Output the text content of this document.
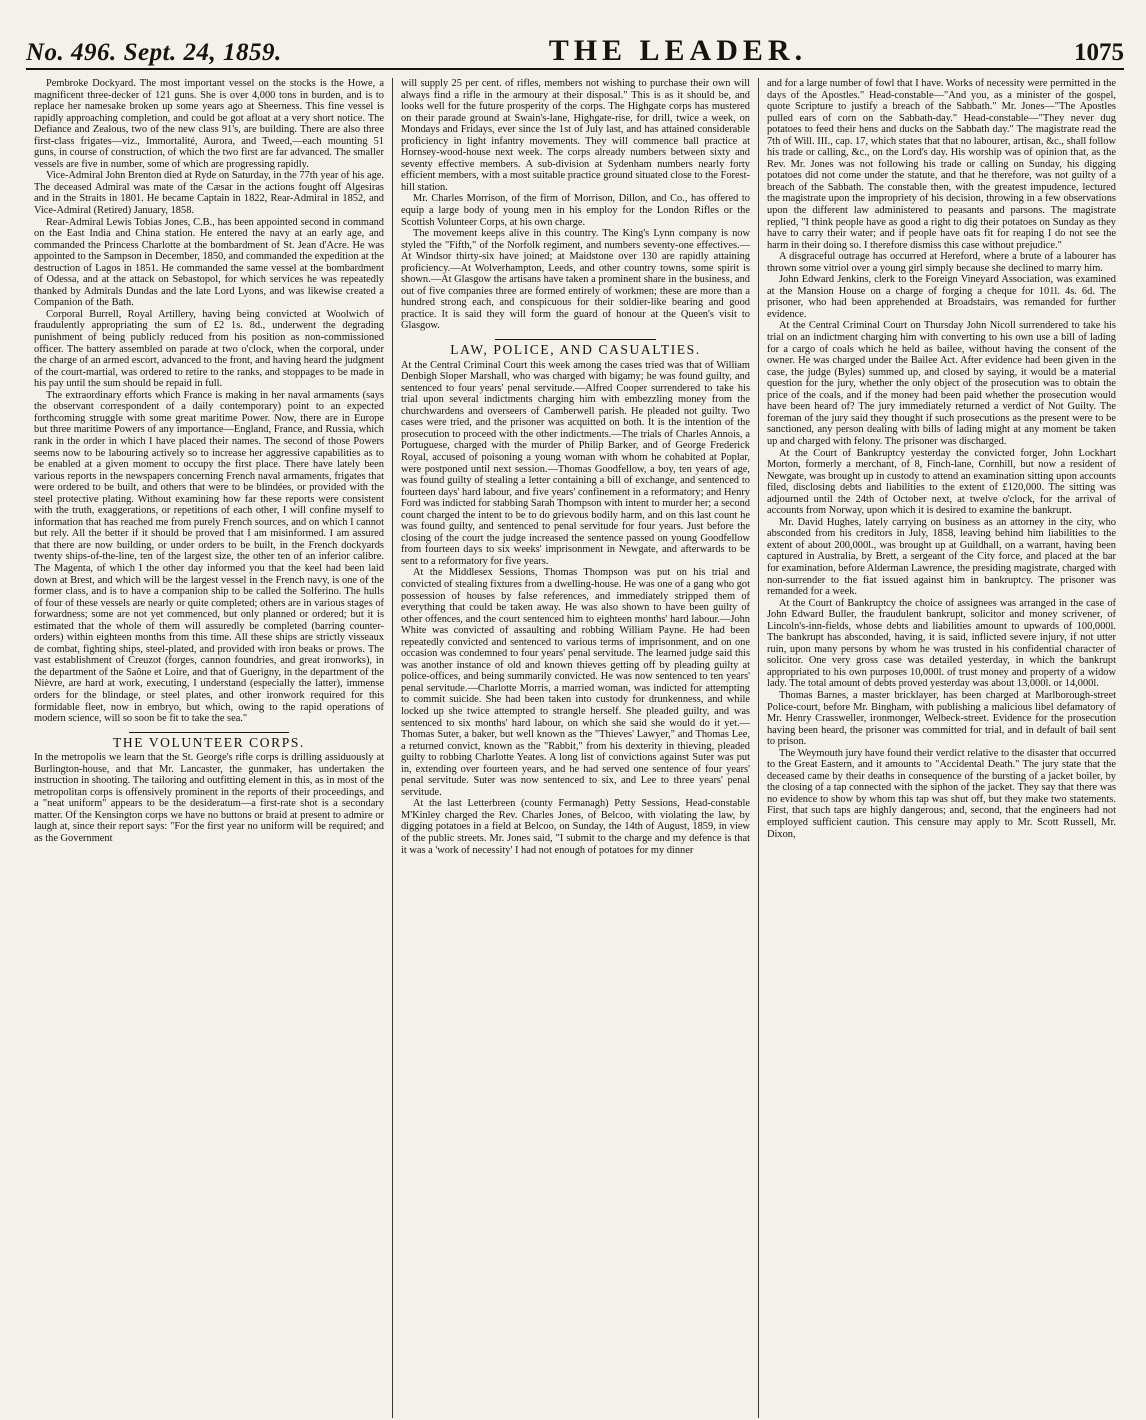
No. 496. Sept. 24, 1859.	THE LEADER.	1075

Pembroke Dockyard. The most important vessel on the stocks is the Howe, a magnificent three-decker of 121 guns. She is over 4,000 tons in burden, and is to replace her namesake broken up some years ago at Sheerness. This fine vessel is rapidly approaching completion, and could be got afloat at a very short notice. The Defiance and Zealous, two of the new class 91's, are building. There are also three first-class frigates—viz., Immortalité, Aurora, and Tweed,—each mounting 51 guns, in course of construction, of which the two first are far advanced. The smaller vessels are five in number, some of which are progressing rapidly.

Vice-Admiral John Brenton died at Ryde on Saturday, in the 77th year of his age. The deceased Admiral was mate of the Cæsar in the actions fought off Algesiras and in the Straits in 1801. He became Captain in 1822, Rear-Admiral in 1852, and Vice-Admiral (Retired) January, 1858.

Rear-Admiral Lewis Tobias Jones, C.B., has been appointed second in command on the East India and China station. He entered the navy at an early age, and commanded the Princess Charlotte at the bombardment of St. Jean d'Acre. He was appointed to the Sampson in December, 1850, and commanded the expedition at the destruction of Lagos in 1851. He commanded the same vessel at the bombardment of Odessa, and at the attack on Sebastopol, for which services he was repeatedly thanked by Admirals Dundas and the late Lord Lyons, and was likewise created a Companion of the Bath.

Corporal Burrell, Royal Artillery, having being convicted at Woolwich of fraudulently appropriating the sum of £2 1s. 8d., underwent the degrading punishment of being publicly reduced from his position as non-commissioned officer. The battery assembled on parade at two o'clock, when the corporal, under the charge of an armed escort, advanced to the front, and having heard the judgment of the court-martial, was ordered to retire to the ranks, and stoppages to be made in his pay until the sum should be repaid in full.

The extraordinary efforts which France is making in her naval armaments (says the observant correspondent of a daily contemporary) point to an expected forthcoming struggle with some great maritime Power. Now, there are in Europe but three maritime Powers of any importance—England, France, and Russia, which rank in the order in which I have placed their names. The second of those Powers seems now to be labouring actively so to increase her aggressive capabilities as to be enabled at a given moment to occupy the first place. There have lately been various reports in the newspapers concerning French naval armaments, frigates that were ordered to be built, and others that were to be blindées, or provided with the steel protective plating. Without examining how far these reports were consistent with the truth, exaggerations, or repetitions of each other, I will confine myself to information that has reached me from purely French sources, and on which I cannot but rely. All the better if it should be proved that I am misinformed. I am assured that there are now building, or under orders to be built, in the French dockyards twenty ships-of-the-line, ten of the largest size, the other ten of an inferior calibre. The Magenta, of which I the other day informed you that the keel had been laid down at Brest, and which will be the largest vessel in the French navy, is one of the former class, and is to have a companion ship to be called the Solferino. The hulls of four of these vessels are nearly or quite completed; others are in various stages of forwardness; some are not yet commenced, but only planned or ordered; but it is estimated that the whole of them will assuredly be completed (barring counter-orders) within eighteen months from this time. All these ships are strictly visseaux de combat, fighting ships, steel-plated, and provided with iron beaks or prows. The vast establishment of Creuzot (forges, cannon foundries, and great ironworks), in the department of the Saône et Loire, and that of Guerigny, in the department of the Nièvre, are hard at work, executing, I understand (especially the latter), immense orders for the blindage, or steel plates, and other ironwork required for this formidable fleet, now in embryo, but which, owing to the rapid operations of modern science, will so soon be fit to take the sea."

THE VOLUNTEER CORPS.

In the metropolis we learn that the St. George's rifle corps is drilling assiduously at Burlington-house, and that Mr. Lancaster, the gunmaker, has undertaken the instruction in shooting. The tailoring and outfitting element in this, as in most of the metropolitan corps is offensively prominent in the reports of their proceedings, and a "neat uniform" appears to be the desideratum—a first-rate shot is a secondary matter. Of the Kensington corps we have no buttons or braid at present to admire or laugh at, since their report says: "For the first year no uniform will be required; and as the Government

will supply 25 per cent. of rifles, members not wishing to purchase their own will always find a rifle in the armoury at their disposal." This is as it should be, and looks well for the future prosperity of the corps. The Highgate corps has mustered on their parade ground at Swain's-lane, Highgate-rise, for drill, twice a week, on Mondays and Fridays, ever since the 1st of July last, and has attained considerable proficiency in light infantry movements. They will commence ball practice at Hornsey-wood-house next week. The corps already numbers between sixty and seventy effective members. A sub-division at Sydenham numbers nearly forty efficient members, with a most suitable practice ground situated close to the Forest-hill station.

Mr. Charles Morrison, of the firm of Morrison, Dillon, and Co., has offered to equip a large body of young men in his employ for the London Rifles or the Scottish Volunteer Corps, at his own charge.

The movement keeps alive in this country. The King's Lynn company is now styled the "Fifth," of the Norfolk regiment, and numbers seventy-one effectives.—At Windsor thirty-six have joined; at Maidstone over 130 are rapidly attaining proficiency.—At Wolverhampton, Leeds, and other country towns, some spirit is shown.—At Glasgow the artisans have taken a prominent share in the business, and out of five companies three are formed entirely of workmen; these are more than a hundred strong each, and conspicuous for their soldier-like bearing and good practice. It is said they will form the guard of honour at the Queen's visit to Glasgow.

LAW, POLICE, AND CASUALTIES.

At the Central Criminal Court this week among the cases tried was that of William Denbigh Sloper Marshall, who was charged with bigamy; he was found guilty, and sentenced to four years' penal servitude.—Alfred Cooper surrendered to take his trial upon several indictments charging him with embezzling money from the churchwardens and overseers of Camberwell parish. He pleaded not guilty. Two cases were tried, and the prisoner was acquitted on both. It is the intention of the prosecution to proceed with the other indictments.—The trials of Charles Annois, a Portuguese, charged with the murder of Philip Barker, and of George Frederick Royal, accused of poisoning a young woman with whom he cohabited at Poplar, were postponed until next session.—Thomas Goodfellow, a boy, ten years of age, was found guilty of stealing a letter containing a bill of exchange, and sentenced to fourteen days' hard labour, and five years' confinement in a reformatory; and Henry Ford was indicted for stabbing Sarah Thompson with intent to murder her; a second count charged the intent to be to do grievous bodily harm, and on this last count he was found guilty, and sentenced to penal servitude for four years. Just before the closing of the court the judge increased the sentence passed on young Goodfellow from fourteen days to six weeks' imprisonment in Newgate, and afterwards to be sent to a reformatory for five years.

At the Middlesex Sessions, Thomas Thompson was put on his trial and convicted of stealing fixtures from a dwelling-house. He was one of a gang who got possession of houses by false references, and immediately stripped them of everything that could be taken away. He was also shown to have been guilty of other offences, and the court sentenced him to eighteen months' hard labour.—John White was convicted of assaulting and robbing William Payne. He had been repeatedly convicted and sentenced to various terms of imprisonment, and on one occasion was condemned to four years' penal servitude. The learned judge said this was another instance of old and known thieves getting off by pleading guilty at police-offices, and being summarily convicted. He was now sentenced to ten years' penal servitude.—Charlotte Morris, a married woman, was indicted for attempting to commit suicide. She had been taken into custody for drunkenness, and while locked up she twice attempted to strangle herself. She pleaded guilty, and was sentenced to six months' hard labour, on which she said she would do it yet.—Thomas Suter, a baker, but well known as the "Thieves' Lawyer," and Thomas Lee, a returned convict, known as the "Rabbit," from his dexterity in thieving, pleaded guilty to robbing Charlotte Yeates. A long list of convictions against Suter was put in, extending over fourteen years, and he had served one sentence of four years' penal servitude. Suter was now sentenced to six, and Lee to three years' penal servitude.

At the last Letterbreen (county Fermanagh) Petty Sessions, Head-constable M'Kinley charged the Rev. Charles Jones, of Belcoo, with violating the law, by digging potatoes in a field at Belcoo, on Sunday, the 14th of August, 1859, in view of the public streets. Mr. Jones said, "I submit to the charge and my defence is that it was a 'work of necessity' I had not enough of potatoes for my dinner

and for a large number of fowl that I have. Works of necessity were permitted in the days of the Apostles." Head-constable—"And you, as a minister of the gospel, quote Scripture to justify a breach of the Sabbath." Mr. Jones—"The Apostles pulled ears of corn on the Sabbath-day." Head-constable—"They never dug potatoes to feed their hens and ducks on the Sabbath day." The magistrate read the 7th of Will. III., cap. 17, which states that that no labourer, artisan, &c., shall follow his trade or calling, &c., on the Lord's day. His worship was of opinion that, as the Rev. Mr. Jones was not following his trade or calling on Sunday, his digging potatoes did not come under the statute, and that he therefore, was not guilty of a breach of the Sabbath. The constable then, with the greatest impudence, lectured the magistrate upon the impropriety of his decision, throwing in a few observations upon the different law administered to peasants and parsons. The magistrate replied, "I think people have as good a right to dig their potatoes on Sunday as they have to carry their water; and if people have oats fit for reaping I do not see the harm in their doing so. I therefore dismiss this case without prejudice."

A disgraceful outrage has occurred at Hereford, where a brute of a labourer has thrown some vitriol over a young girl simply because she declined to marry him.

John Edward Jenkins, clerk to the Foreign Vineyard Association, was examined at the Mansion House on a charge of forging a cheque for 101l. 4s. 6d. The prisoner, who had been apprehended at Broadstairs, was remanded for further evidence.

At the Central Criminal Court on Thursday John Nicoll surrendered to take his trial on an indictment charging him with converting to his own use a bill of lading for a cargo of coals which he held as bailee, without having the consent of the owner. He was charged under the Bailee Act. After evidence had been given in the case, the judge (Byles) summed up, and closed by saying, it would be a material question for the jury, whether the only object of the prosecution was to obtain the price of the coals, and if the money had been paid whether the prosecution would have been heard of? The jury immediately returned a verdict of Not Guilty. The foreman of the jury said they thought if such prosecutions as the present were to be sanctioned, any person dealing with bills of lading might at any moment be taken up and charged with felony. The prisoner was discharged.

At the Court of Bankruptcy yesterday the convicted forger, John Lockhart Morton, formerly a merchant, of 8, Finch-lane, Cornhill, but now a resident of Newgate, was brought up in custody to attend an examination sitting upon accounts filed, disclosing debts and liabilities to the extent of £120,000. The sitting was adjourned until the 24th of October next, at twelve o'clock, for the arrival of accounts from Norway, upon which it is desired to examine the bankrupt.

Mr. David Hughes, lately carrying on business as an attorney in the city, who absconded from his creditors in July, 1858, leaving behind him liabilities to the extent of about 200,000l., was brought up at Guildhall, on a warrant, having been captured in Australia, by Brett, a sergeant of the City force, and placed at the bar for examination, before Alderman Lawrence, the presiding magistrate, charged with non-surrender to the fiat issued against him in bankruptcy. The prisoner was remanded for a week.

At the Court of Bankruptcy the choice of assignees was arranged in the case of John Edward Buller, the fraudulent bankrupt, solicitor and money scrivener, of Lincoln's-inn-fields, whose debts and liabilities amount to upwards of 100,000l. The bankrupt has absconded, having, it is said, inflicted severe injury, if not utter ruin, upon many persons by whom he was trusted in his confidential character of solicitor. One very gross case was detailed yesterday, in which the bankrupt appropriated to his own purposes 10,000l. of trust money and property of a widow lady. The total amount of debts proved yesterday was about 13,000l. or 14,000l.

Thomas Barnes, a master bricklayer, has been charged at Marlborough-street Police-court, before Mr. Bingham, with publishing a malicious libel defamatory of Mr. Henry Crassweller, ironmonger, Welbeck-street. Evidence for the prosecution having been heard, the prisoner was committed for trial, and in default of bail sent to prison.

The Weymouth jury have found their verdict relative to the disaster that occurred to the Great Eastern, and it amounts to "Accidental Death." The jury state that the deceased came by their deaths in consequence of the bursting of a jacket boiler, by the closing of a tap connected with the siphon of the jacket. They say that there was no evidence to show by whom this tap was shut off, but they make two statements. First, that such taps are highly dangerous; and, second, that the engineers had not employed sufficient caution. This censure may apply to Mr. Scott Russell, Mr. Dixon,
